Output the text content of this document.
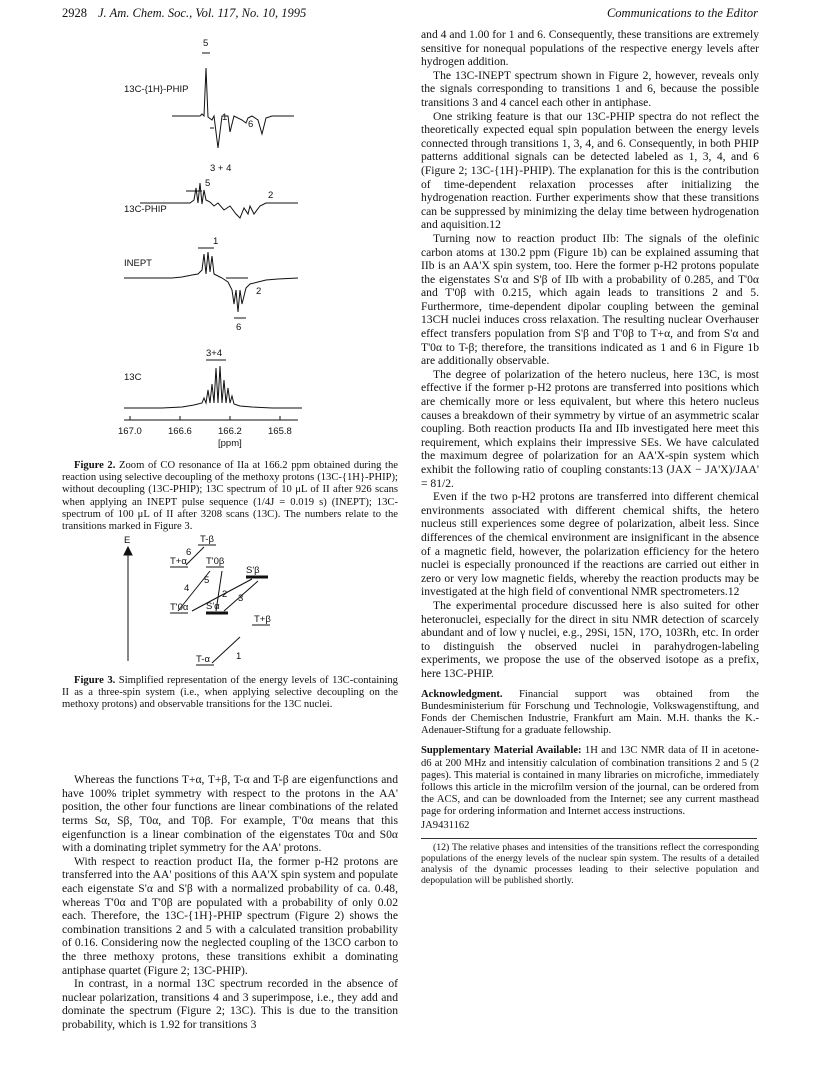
2928 J. Am. Chem. Soc., Vol. 117, No. 10, 1995	Communications to the Editor
13C-{1H}-PHIP
13C-PHIP
INEPT
13C
5
1
6
3 + 4
5
2
1
2
6
3+4
167.0	166.6	166.2	165.8
[ppm]

Figure 2. Zoom of CO resonance of IIa at 166.2 ppm obtained during the reaction using selective decoupling of the methoxy protons (13C-{1H}-PHIP); without decoupling (13C-PHIP); 13C spectrum of 10 μL of II after 926 scans when applying an INEPT pulse sequence (1/4J = 0.019 s) (INEPT); 13C-spectrum of 100 μL of II after 3208 scans (13C). The numbers relate to the transitions marked in Figure 3.

E	T-β
T+α T'0β
S'β
T'0α S'α
T+β
T-α
6
4
5
2 3
1

Figure 3. Simplified representation of the energy levels of 13C-containing II as a three-spin system (i.e., when applying selective decoupling on the methoxy protons) and observable transitions for the 13C nuclei.

Whereas the functions T+α, T+β, T-α and T-β are eigenfunctions and have 100% triplet symmetry with respect to the protons in the AA' position, the other four functions are linear combinations of the related terms Sα, Sβ, T0α, and T0β. For example, T'0α means that this eigenfunction is a linear combination of the eigenstates T0α and S0α with a dominating triplet symmetry for the AA' protons.

With respect to reaction product IIa, the former p-H2 protons are transferred into the AA' positions of this AA'X spin system and populate each eigenstate S'α and S'β with a normalized probability of ca. 0.48, whereas T'0α and T'0β are populated with a probability of only 0.02 each. Therefore, the 13C-{1H}-PHIP spectrum (Figure 2) shows the combination transitions 2 and 5 with a calculated transition probability of 0.16. Considering now the neglected coupling of the 13CO carbon to the three methoxy protons, these transitions exhibit a dominating antiphase quartet (Figure 2; 13C-PHIP).

In contrast, in a normal 13C spectrum recorded in the absence of nuclear polarization, transitions 4 and 3 superimpose, i.e., they add and dominate the spectrum (Figure 2; 13C). This is due to the transition probability, which is 1.92 for transitions 3

and 4 and 1.00 for 1 and 6. Consequently, these transitions are extremely sensitive for nonequal populations of the respective energy levels after hydrogen addition.

The 13C-INEPT spectrum shown in Figure 2, however, reveals only the signals corresponding to transitions 1 and 6, because the possible transitions 3 and 4 cancel each other in antiphase.

One striking feature is that our 13C-PHIP spectra do not reflect the theoretically expected equal spin population between the energy levels connected through transitions 1, 3, 4, and 6. Consequently, in both PHIP patterns additional signals can be detected labeled as 1, 3, 4, and 6 (Figure 2; 13C-{1H}-PHIP). The explanation for this is the contribution of time-dependent relaxation processes after initializing the hydrogenation reaction. Further experiments show that these transitions can be suppressed by minimizing the delay time between hydrogenation and aquisition.12

Turning now to reaction product IIb: The signals of the olefinic carbon atoms at 130.2 ppm (Figure 1b) can be explained assuming that IIb is an AA'X spin system, too. Here the former p-H2 protons populate the eigenstates S'α and S'β of IIb with a probability of 0.285, and T'0α and T'0β with 0.215, which again leads to transitions 2 and 5. Furthermore, time-dependent dipolar coupling between the geminal 13CH nuclei induces cross relaxation. The resulting nuclear Overhauser effect transfers population from S'β and T'0β to T+α, and from S'α and T'0α to T-β; therefore, the transitions indicated as 1 and 6 in Figure 1b are additionally observable.

The degree of polarization of the hetero nucleus, here 13C, is most effective if the former p-H2 protons are transferred into positions which are chemically more or less equivalent, but where this hetero nucleus causes a breakdown of their symmetry by virtue of an asymmetric scalar coupling. Both reaction products IIa and IIb investigated here meet this requirement, which explains their impressive SEs. We have calculated the maximum degree of polarization for an AA'X-spin system which exhibit the following ratio of coupling constants:13 (JAX − JA'X)/JAA' = 81/2.

Even if the two p-H2 protons are transferred into different chemical environments associated with different chemical shifts, the hetero nucleus still experiences some degree of polarization, albeit less. Since differences of the chemical environment are insignificant in the absence of a magnetic field, however, the polarization efficiency for the hetero nuclei is especially pronounced if the reactions are carried out either in zero or very low magnetic fields, whereby the reaction products may be investigated at the high field of conventional NMR spectrometers.12

The experimental procedure discussed here is also suited for other heteronuclei, especially for the direct in situ NMR detection of scarcely abundant and of low γ nuclei, e.g., 29Si, 15N, 17O, 103Rh, etc. In order to distinguish the observed nuclei in parahydrogen-labeling experiments, we propose the use of the observed isotope as a prefix, here 13C-PHIP.

Acknowledgment. Financial support was obtained from the Bundesministerium für Forschung und Technologie, Volkswagenstiftung, and Fonds der Chemischen Industrie, Frankfurt am Main. M.H. thanks the K.-Adenauer-Stiftung for a graduate fellowship.

Supplementary Material Available: 1H and 13C NMR data of II in acetone-d6 at 200 MHz and intensitiy calculation of combination transitions 2 and 5 (2 pages). This material is contained in many libraries on microfiche, immediately follows this article in the microfilm version of the journal, can be ordered from the ACS, and can be downloaded from the Internet; see any current masthead page for ordering information and Internet access instructions.

JA9431162

(12) The relative phases and intensities of the transitions reflect the corresponding populations of the energy levels of the nuclear spin system. The results of a detailed analysis of the dynamic processes leading to their selective population and depopulation will be published shortly.
